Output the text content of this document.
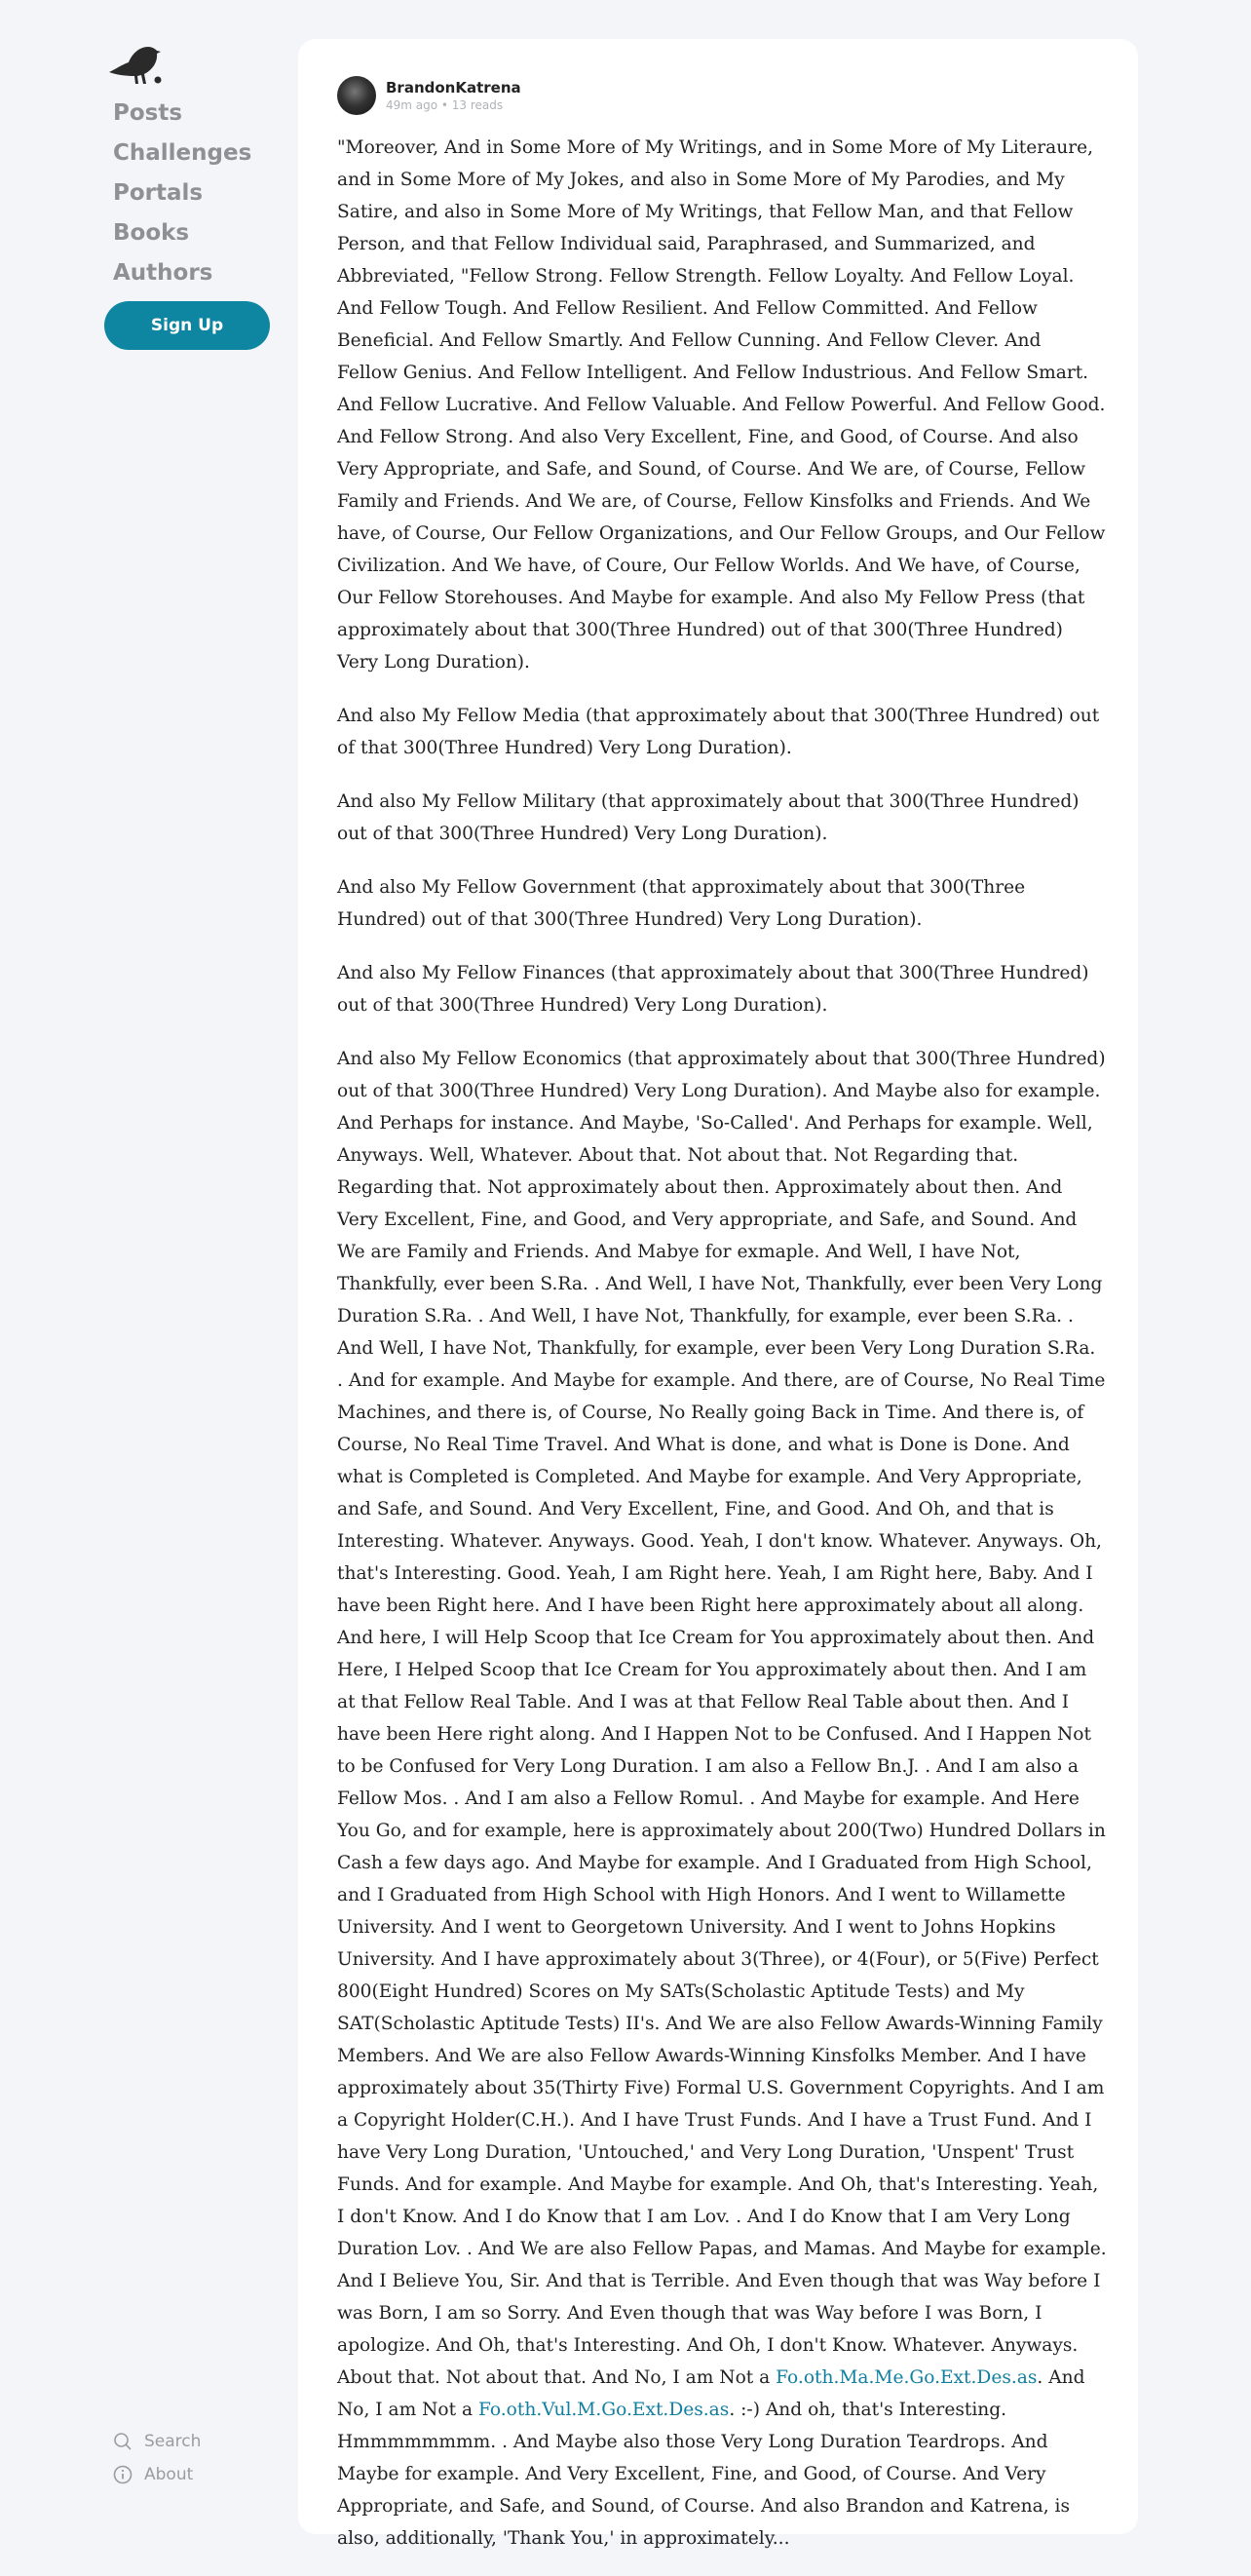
Posts
Challenges
Portals
Books
Authors
Sign Up
Search
About
BrandonKatrena
49m ago • 13 reads

"Moreover, And in Some More of My Writings, and in Some More of My Literaure, and in Some More of My Jokes, and also in Some More of My Parodies, and My Satire, and also in Some More of My Writings, that Fellow Man, and that Fellow Person, and that Fellow Individual said, Paraphrased, and Summarized, and Abbreviated, "Fellow Strong. Fellow Strength. Fellow Loyalty. And Fellow Loyal. And Fellow Tough. And Fellow Resilient. And Fellow Committed. And Fellow Beneficial. And Fellow Smartly. And Fellow Cunning. And Fellow Clever. And Fellow Genius. And Fellow Intelligent. And Fellow Industrious. And Fellow Smart. And Fellow Lucrative. And Fellow Valuable. And Fellow Powerful. And Fellow Good. And Fellow Strong. And also Very Excellent, Fine, and Good, of Course. And also Very Appropriate, and Safe, and Sound, of Course. And We are, of Course, Fellow Family and Friends. And We are, of Course, Fellow Kinsfolks and Friends. And We have, of Course, Our Fellow Organizations, and Our Fellow Groups, and Our Fellow Civilization. And We have, of Coure, Our Fellow Worlds. And We have, of Course, Our Fellow Storehouses. And Maybe for example. And also My Fellow Press (that approximately about that 300(Three Hundred) out of that 300(Three Hundred) Very Long Duration).

And also My Fellow Media (that approximately about that 300(Three Hundred) out of that 300(Three Hundred) Very Long Duration).

And also My Fellow Military (that approximately about that 300(Three Hundred) out of that 300(Three Hundred) Very Long Duration).

And also My Fellow Government (that approximately about that 300(Three Hundred) out of that 300(Three Hundred) Very Long Duration).

And also My Fellow Finances (that approximately about that 300(Three Hundred) out of that 300(Three Hundred) Very Long Duration).

And also My Fellow Economics (that approximately about that 300(Three Hundred) out of that 300(Three Hundred) Very Long Duration). And Maybe also for example. And Perhaps for instance. And Maybe, 'So-Called'. And Perhaps for example. Well, Anyways. Well, Whatever. About that. Not about that. Not Regarding that. Regarding that. Not approximately about then. Approximately about then. And Very Excellent, Fine, and Good, and Very appropriate, and Safe, and Sound. And We are Family and Friends. And Mabye for exmaple. And Well, I have Not, Thankfully, ever been S.Ra. . And Well, I have Not, Thankfully, ever been Very Long Duration S.Ra. . And Well, I have Not, Thankfully, for example, ever been S.Ra. . And Well, I have Not, Thankfully, for example, ever been Very Long Duration S.Ra. . And for example. And Maybe for example. And there, are of Course, No Real Time Machines, and there is, of Course, No Really going Back in Time. And there is, of Course, No Real Time Travel. And What is done, and what is Done is Done. And what is Completed is Completed. And Maybe for example. And Very Appropriate, and Safe, and Sound. And Very Excellent, Fine, and Good. And Oh, and that is Interesting. Whatever. Anyways. Good. Yeah, I don't know. Whatever. Anyways. Oh, that's Interesting. Good. Yeah, I am Right here. Yeah, I am Right here, Baby. And I have been Right here. And I have been Right here approximately about all along. And here, I will Help Scoop that Ice Cream for You approximately about then. And Here, I Helped Scoop that Ice Cream for You approximately about then. And I am at that Fellow Real Table. And I was at that Fellow Real Table about then. And I have been Here right along. And I Happen Not to be Confused. And I Happen Not to be Confused for Very Long Duration. I am also a Fellow Bn.J. . And I am also a Fellow Mos. . And I am also a Fellow Romul. . And Maybe for example. And Here You Go, and for example, here is approximately about 200(Two) Hundred Dollars in Cash a few days ago. And Maybe for example. And I Graduated from High School, and I Graduated from High School with High Honors. And I went to Willamette University. And I went to Georgetown University. And I went to Johns Hopkins University. And I have approximately about 3(Three), or 4(Four), or 5(Five) Perfect 800(Eight Hundred) Scores on My SATs(Scholastic Aptitude Tests) and My SAT(Scholastic Aptitude Tests) II's. And We are also Fellow Awards-Winning Family Members. And We are also Fellow Awards-Winning Kinsfolks Member. And I have approximately about 35(Thirty Five) Formal U.S. Government Copyrights. And I am a Copyright Holder(C.H.). And I have Trust Funds. And I have a Trust Fund. And I have Very Long Duration, 'Untouched,' and Very Long Duration, 'Unspent' Trust Funds. And for example. And Maybe for example. And Oh, that's Interesting. Yeah, I don't Know. And I do Know that I am Lov. . And I do Know that I am Very Long Duration Lov. . And We are also Fellow Papas, and Mamas. And Maybe for example. And I Believe You, Sir. And that is Terrible. And Even though that was Way before I was Born, I am so Sorry. And Even though that was Way before I was Born, I apologize. And Oh, that's Interesting. And Oh, I don't Know. Whatever. Anyways. About that. Not about that. And No, I am Not a Fo.oth.Ma.Me.Go.Ext.Des.as. And No, I am Not a Fo.oth.Vul.M.Go.Ext.Des.as. :-) And oh, that's Interesting. Hmmmmmmmm. . And Maybe also those Very Long Duration Teardrops. And Maybe for example. And Very Excellent, Fine, and Good, of Course. And Very Appropriate, and Safe, and Sound, of Course. And also Brandon and Katrena, is also, additionally, 'Thank You,' in approximately...
